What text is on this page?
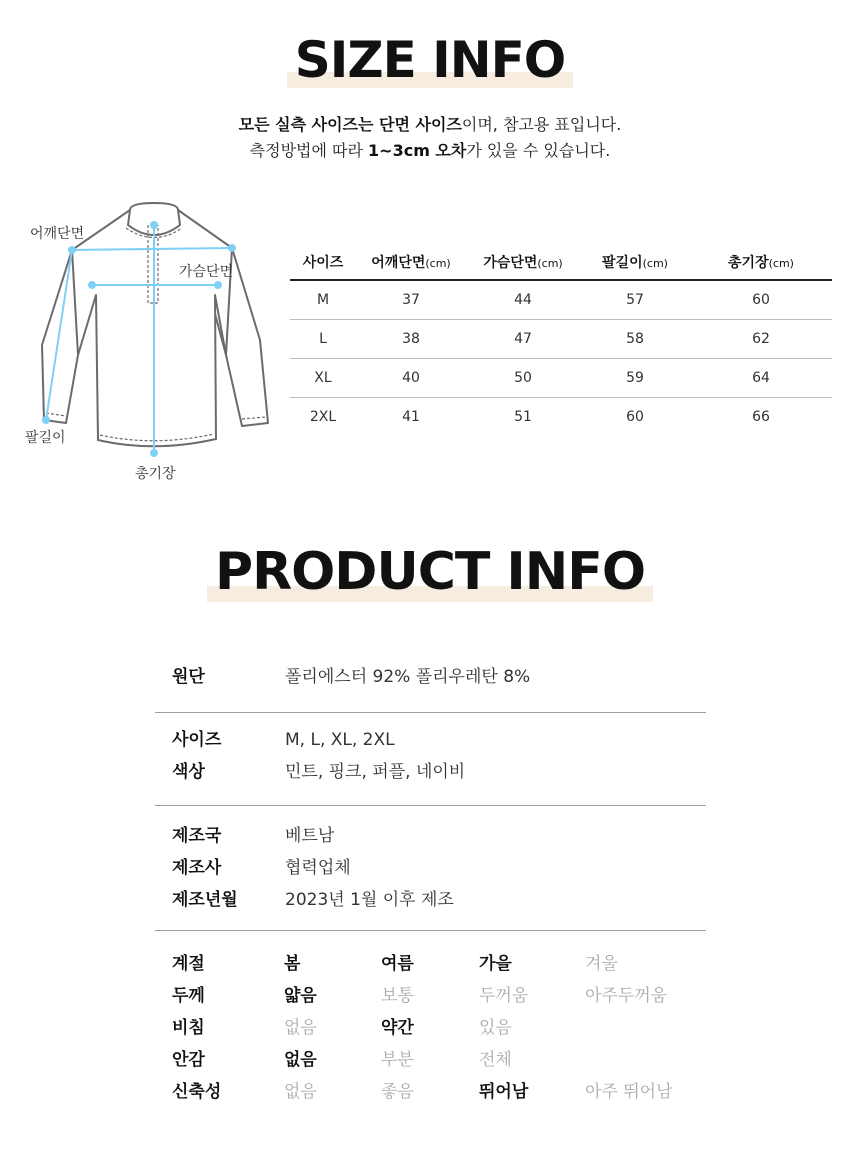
SIZE INFO
모든 실측 사이즈는 단면 사이즈이며, 참고용 표입니다.
측정방법에 따라 1~3cm 오차가 있을 수 있습니다.
어깨단면
가슴단면
팔길이
총기장
사이즈	어깨단면(cm)	가슴단면(cm)	팔길이(cm)	총기장(cm)
M	37	44	57	60
L	38	47	58	62
XL	40	50	59	64
2XL	41	51	60	66
PRODUCT INFO
원단	폴리에스터 92% 폴리우레탄 8%
사이즈	M, L, XL, 2XL
색상	민트, 핑크, 퍼플, 네이비
제조국	베트남
제조사	협력업체
제조년월	2023년 1월 이후 제조
계절	봄	여름	가을	겨울
두께	얇음	보통	두꺼움	아주두꺼움
비침	없음	약간	있음
안감	없음	부분	전체
신축성	없음	좋음	뛰어남	아주 뛰어남
